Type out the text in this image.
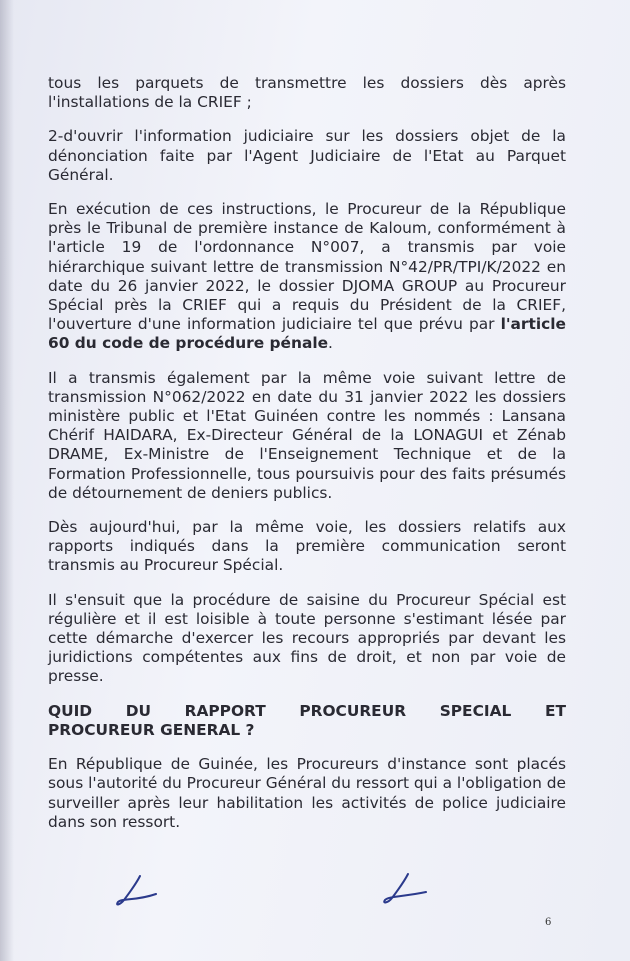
tous les parquets de transmettre les dossiers dès après l'installations de la CRIEF ;

2-d'ouvrir l'information judiciaire sur les dossiers objet de la dénonciation faite par l'Agent Judiciaire de l'Etat au Parquet Général.

En exécution de ces instructions, le Procureur de la République près le Tribunal de première instance de Kaloum, conformément à l'article 19 de l'ordonnance N°007, a transmis par voie hiérarchique suivant lettre de transmission N°42/PR/TPI/K/2022 en date du 26 janvier 2022, le dossier DJOMA GROUP au Procureur Spécial près la CRIEF qui a requis du Président de la CRIEF, l'ouverture d'une information judiciaire tel que prévu par l'article 60 du code de procédure pénale.

Il a transmis également par la même voie suivant lettre de transmission N°062/2022 en date du 31 janvier 2022 les dossiers ministère public et l'Etat Guinéen contre les nommés : Lansana Chérif HAIDARA, Ex-Directeur Général de la LONAGUI et Zénab DRAME, Ex-Ministre de l'Enseignement Technique et de la Formation Professionnelle, tous poursuivis pour des faits présumés de détournement de deniers publics.

Dès aujourd'hui, par la même voie, les dossiers relatifs aux rapports indiqués dans la première communication seront transmis au Procureur Spécial.

Il s'ensuit que la procédure de saisine du Procureur Spécial est régulière et il est loisible à toute personne s'estimant lésée par cette démarche d'exercer les recours appropriés par devant les juridictions compétentes aux fins de droit, et non par voie de presse.

QUID DU RAPPORT PROCUREUR SPECIAL ET
PROCUREUR GENERAL ?

En République de Guinée, les Procureurs d'instance sont placés sous l'autorité du Procureur Général du ressort qui a l'obligation de surveiller après leur habilitation les activités de police judiciaire dans son ressort.

6
